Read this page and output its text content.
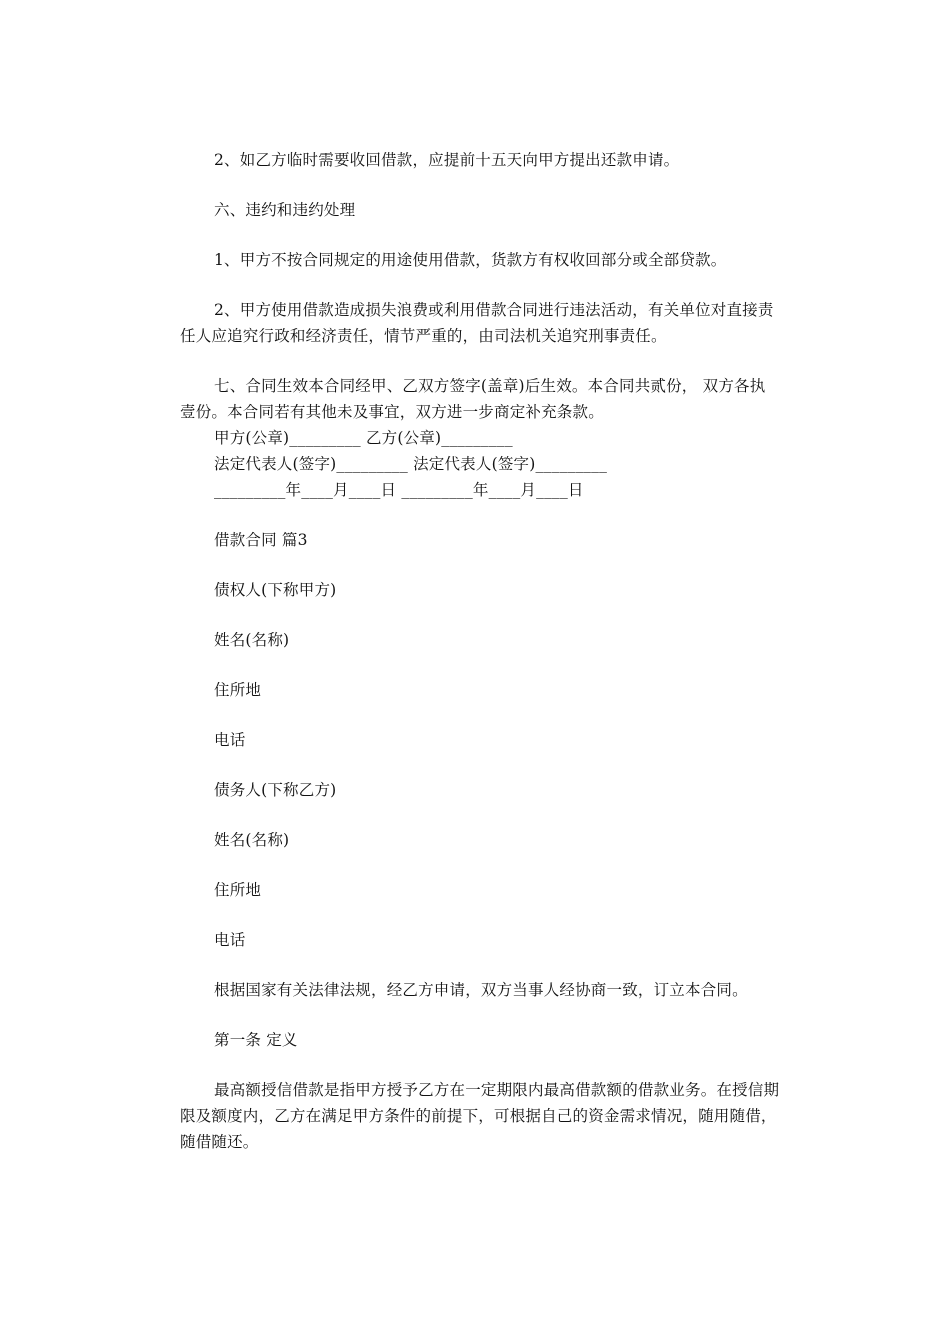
2、如乙方临时需要收回借款，应提前十五天向甲方提出还款申请。

六、违约和违约处理

1、甲方不按合同规定的用途使用借款，货款方有权收回部分或全部贷款。

2、甲方使用借款造成损失浪费或利用借款合同进行违法活动，有关单位对直接责任人应追究行政和经济责任，情节严重的，由司法机关追究刑事责任。

七、合同生效本合同经甲、乙双方签字(盖章)后生效。本合同共贰份， 双方各执壹份。本合同若有其他未及事宜，双方进一步商定补充条款。

甲方(公章)_________ 乙方(公章)_________

法定代表人(签字)_________ 法定代表人(签字)_________

_________年____月____日 _________年____月____日

借款合同 篇3

债权人(下称甲方)

姓名(名称)

住所地

电话

债务人(下称乙方)

姓名(名称)

住所地

电话

根据国家有关法律法规，经乙方申请，双方当事人经协商一致，订立本合同。

第一条 定义

最高额授信借款是指甲方授予乙方在一定期限内最高借款额的借款业务。在授信期限及额度内，乙方在满足甲方条件的前提下，可根据自己的资金需求情况，随用随借，随借随还。
